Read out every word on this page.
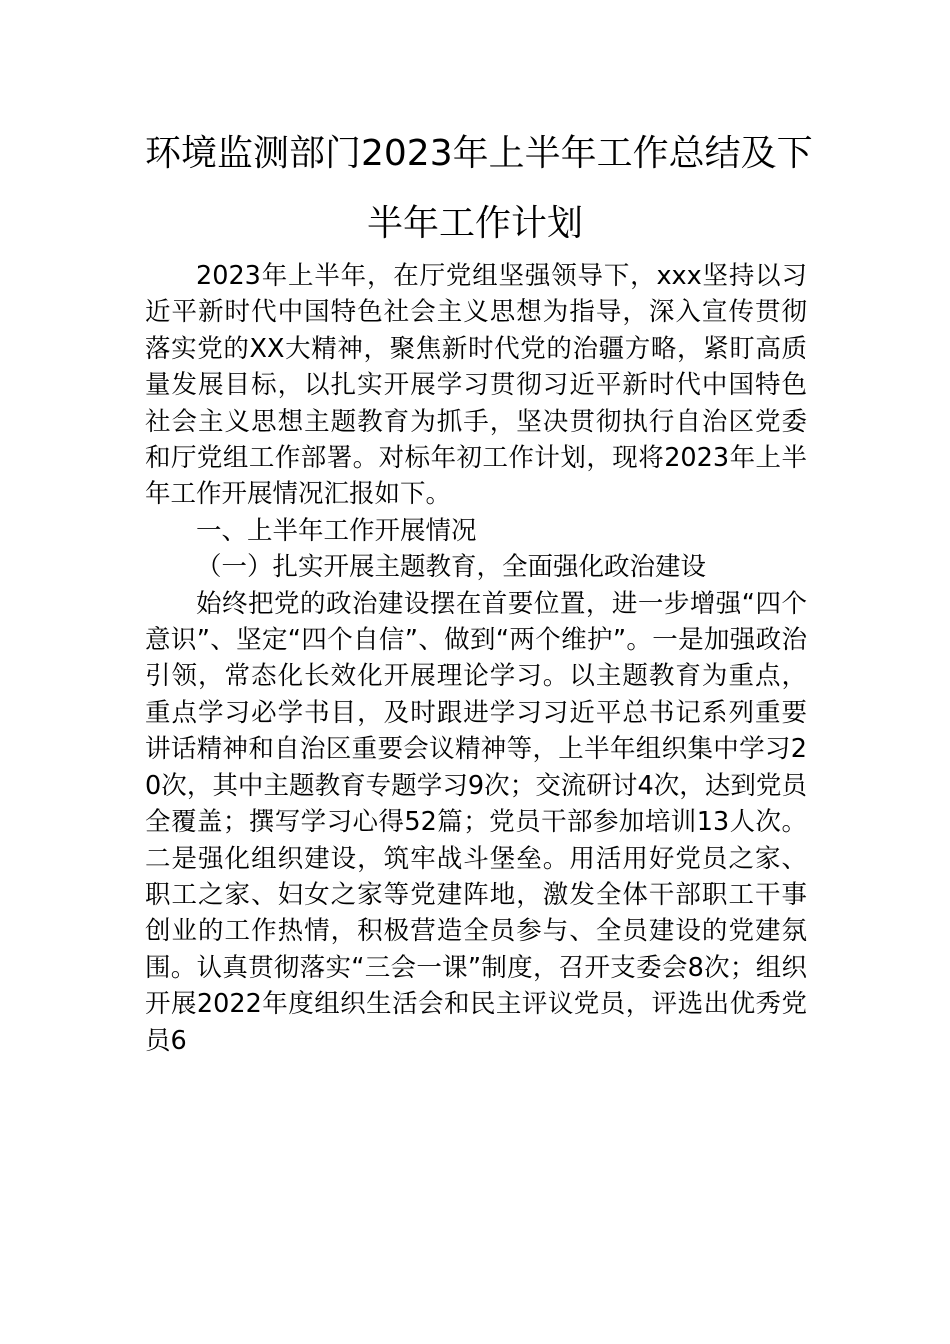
环境监测部门2023年上半年工作总结及下
半年工作计划

2023年上半年，在厅党组坚强领导下，xxx坚持以习近平新时代中国特色社会主义思想为指导，深入宣传贯彻落实党的XX大精神，聚焦新时代党的治疆方略，紧盯高质量发展目标，以扎实开展学习贯彻习近平新时代中国特色社会主义思想主题教育为抓手，坚决贯彻执行自治区党委和厅党组工作部署。对标年初工作计划，现将2023年上半年工作开展情况汇报如下。

一、上半年工作开展情况

（一）扎实开展主题教育，全面强化政治建设

始终把党的政治建设摆在首要位置，进一步增强“四个意识”、坚定“四个自信”、做到“两个维护”。一是加强政治引领，常态化长效化开展理论学习。以主题教育为重点，重点学习必学书目，及时跟进学习习近平总书记系列重要讲话精神和自治区重要会议精神等，上半年组织集中学习20次，其中主题教育专题学习9次；交流研讨4次，达到党员全覆盖；撰写学习心得52篇；党员干部参加培训13人次。二是强化组织建设，筑牢战斗堡垒。用活用好党员之家、职工之家、妇女之家等党建阵地，激发全体干部职工干事创业的工作热情，积极营造全员参与、全员建设的党建氛围。认真贯彻落实“三会一课”制度，召开支委会8次；组织开展2022年度组织生活会和民主评议党员，评选出优秀党员6
